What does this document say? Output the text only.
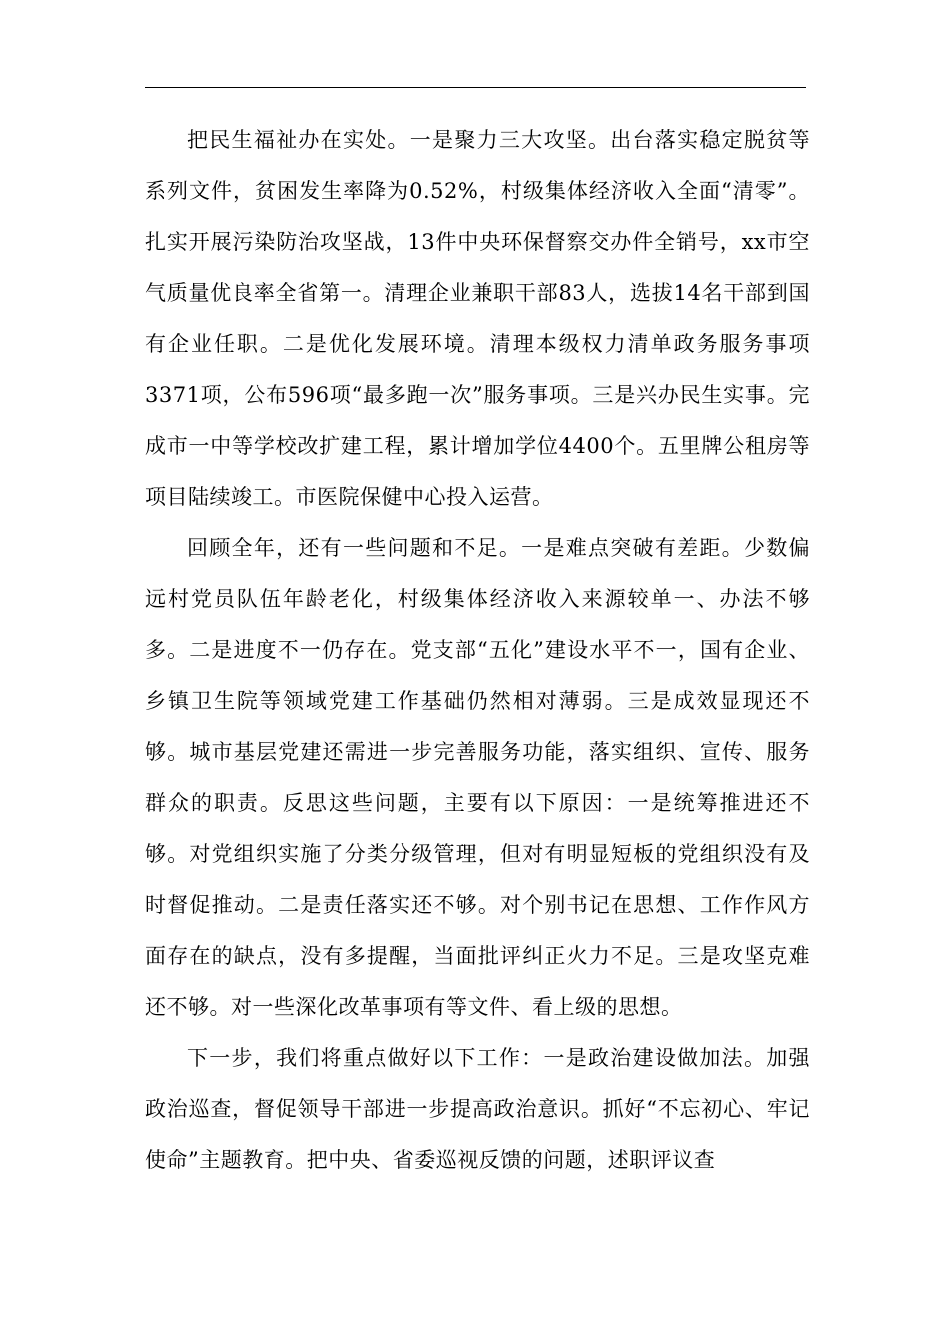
把民生福祉办在实处。一是聚力三大攻坚。出台落实稳定脱贫等系列文件，贫困发生率降为0.52%，村级集体经济收入全面“清零”。扎实开展污染防治攻坚战，13件中央环保督察交办件全销号，xx市空气质量优良率全省第一。清理企业兼职干部83人，选拔14名干部到国有企业任职。二是优化发展环境。清理本级权力清单政务服务事项3371项，公布596项“最多跑一次”服务事项。三是兴办民生实事。完成市一中等学校改扩建工程，累计增加学位4400个。五里牌公租房等项目陆续竣工。市医院保健中心投入运营。

回顾全年，还有一些问题和不足。一是难点突破有差距。少数偏远村党员队伍年龄老化，村级集体经济收入来源较单一、办法不够多。二是进度不一仍存在。党支部“五化”建设水平不一，国有企业、乡镇卫生院等领域党建工作基础仍然相对薄弱。三是成效显现还不够。城市基层党建还需进一步完善服务功能，落实组织、宣传、服务群众的职责。反思这些问题，主要有以下原因：一是统筹推进还不够。对党组织实施了分类分级管理，但对有明显短板的党组织没有及时督促推动。二是责任落实还不够。对个别书记在思想、工作作风方面存在的缺点，没有多提醒，当面批评纠正火力不足。三是攻坚克难还不够。对一些深化改革事项有等文件、看上级的思想。

下一步，我们将重点做好以下工作：一是政治建设做加法。加强政治巡查，督促领导干部进一步提高政治意识。抓好“不忘初心、牢记使命”主题教育。把中央、省委巡视反馈的问题，述职评议查
